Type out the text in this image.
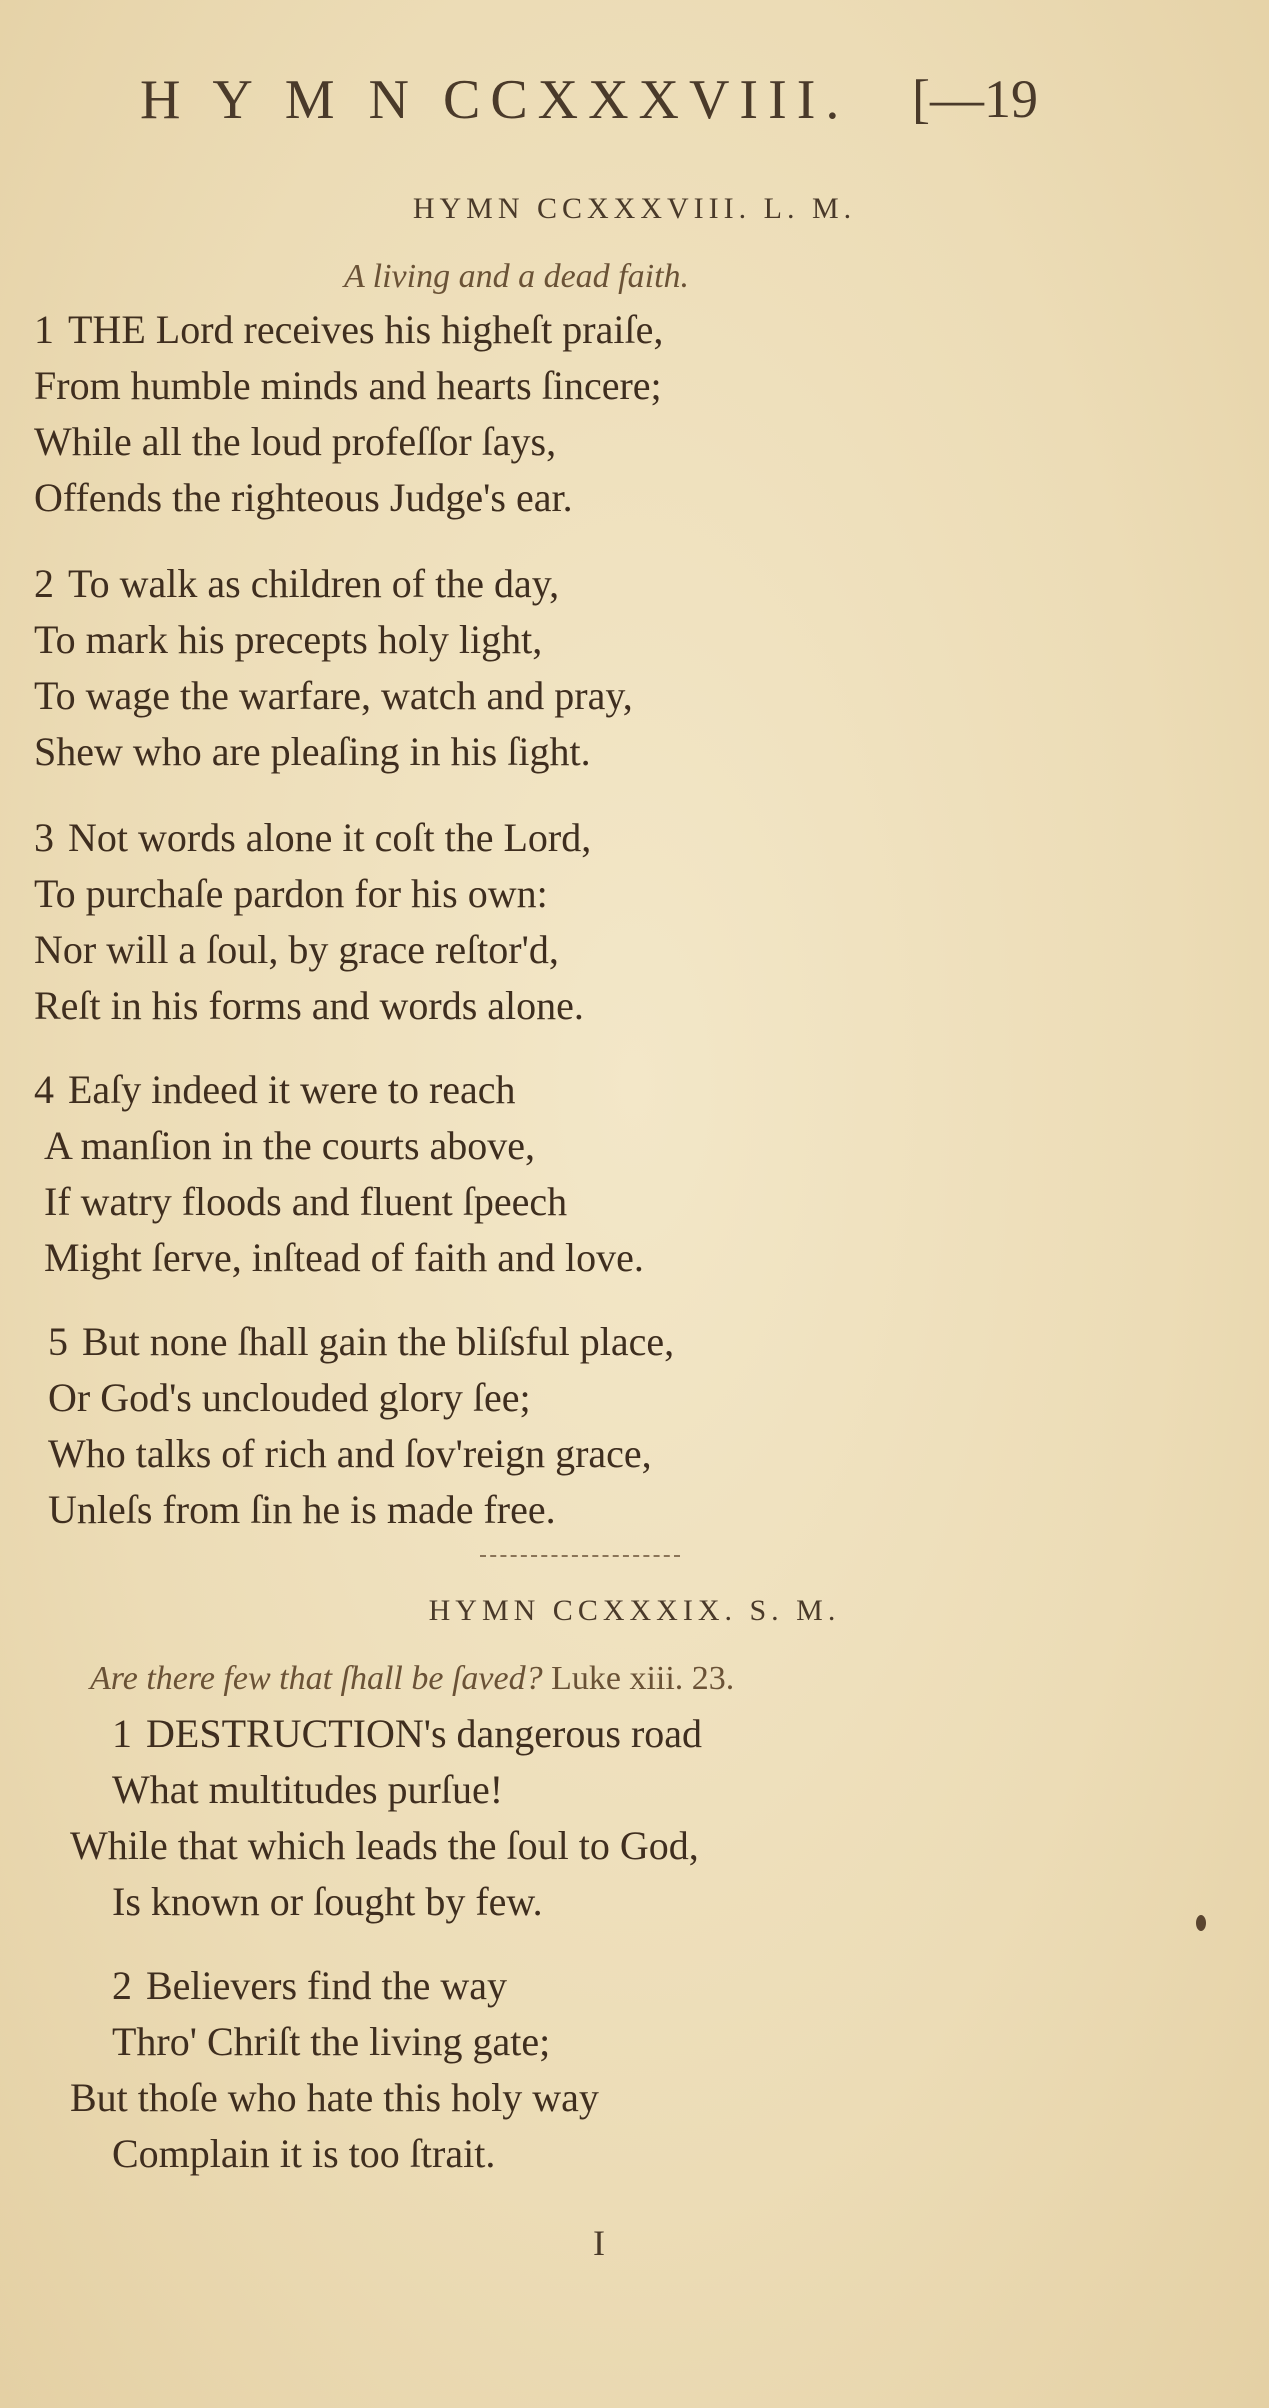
H Y M N CCXXXVIII. [—19
HYMN CCXXXVIII. L. M.
A living and a dead faith.
1 THE Lord receives his higheſt praiſe,
From humble minds and hearts ſincere;
While all the loud profeſſor ſays,
Offends the righteous Judge's ear.
2 To walk as children of the day,
To mark his precepts holy light,
To wage the warfare, watch and pray,
Shew who are pleaſing in his ſight.
3 Not words alone it coſt the Lord,
To purchaſe pardon for his own:
Nor will a ſoul, by grace reſtor'd,
Reſt in his forms and words alone.
4 Eaſy indeed it were to reach
A manſion in the courts above,
If watry floods and fluent ſpeech
Might ſerve, inſtead of faith and love.
5 But none ſhall gain the bliſsful place,
Or God's unclouded glory ſee;
Who talks of rich and ſov'reign grace,
Unleſs from ſin he is made free.
HYMN CCXXXIX. S. M.
Are there few that ſhall be ſaved? Luke xiii. 23.
1 DESTRUCTION's dangerous road
What multitudes purſue!
While that which leads the ſoul to God,
Is known or ſought by few.
2 Believers find the way
Thro' Chriſt the living gate;
But thoſe who hate this holy way
Complain it is too ſtrait.
I
